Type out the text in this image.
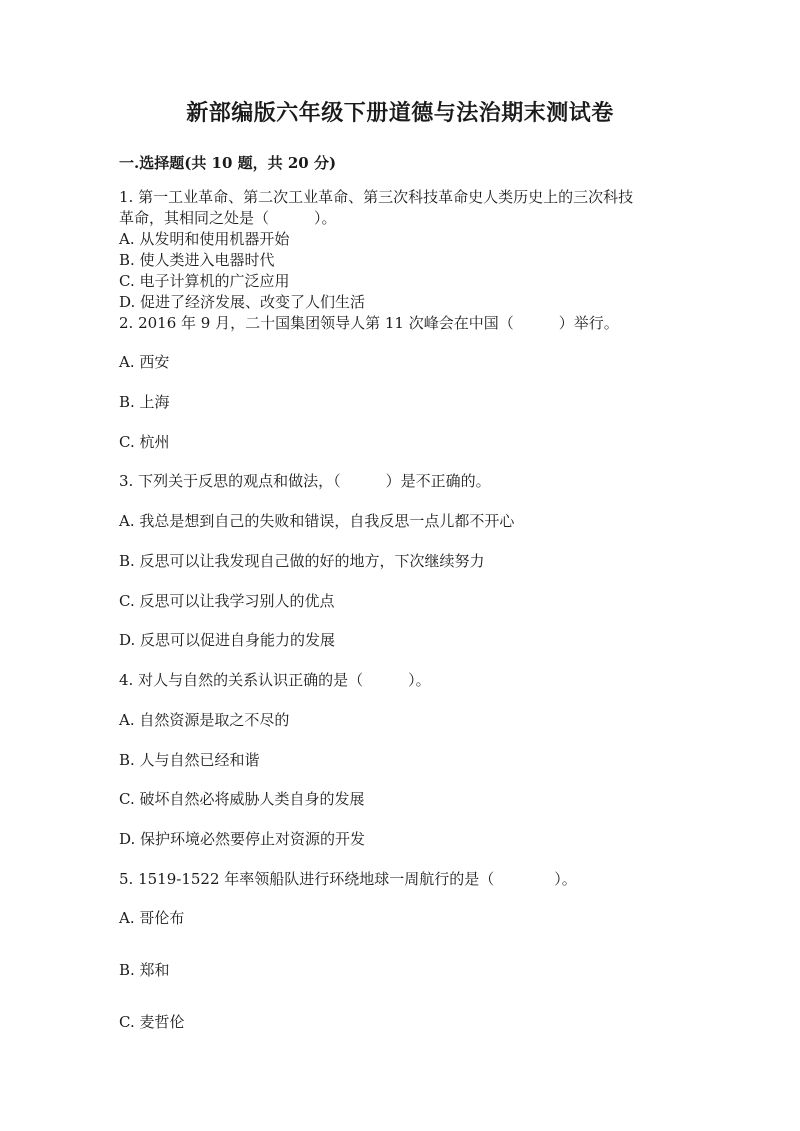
新部编版六年级下册道德与法治期末测试卷
一.选择题(共 10 题，共 20 分)
1. 第一工业革命、第二次工业革命、第三次科技革命史人类历史上的三次科技
革命，其相同之处是（　　　）。
A. 从发明和使用机器开始
B. 使人类进入电器时代
C. 电子计算机的广泛应用
D. 促进了经济发展、改变了人们生活
2. 2016 年 9 月，二十国集团领导人第 11 次峰会在中国（　　　）举行。
A. 西安
B. 上海
C. 杭州
3. 下列关于反思的观点和做法，（　　　）是不正确的。
A. 我总是想到自己的失败和错误，自我反思一点儿都不开心
B. 反思可以让我发现自己做的好的地方，下次继续努力
C. 反思可以让我学习别人的优点
D. 反思可以促进自身能力的发展
4. 对人与自然的关系认识正确的是（　　　）。
A. 自然资源是取之不尽的
B. 人与自然已经和谐
C. 破坏自然必将威胁人类自身的发展
D. 保护环境必然要停止对资源的开发
5. 1519-1522 年率领船队进行环绕地球一周航行的是（　　　　）。
A. 哥伦布
B. 郑和
C. 麦哲伦
